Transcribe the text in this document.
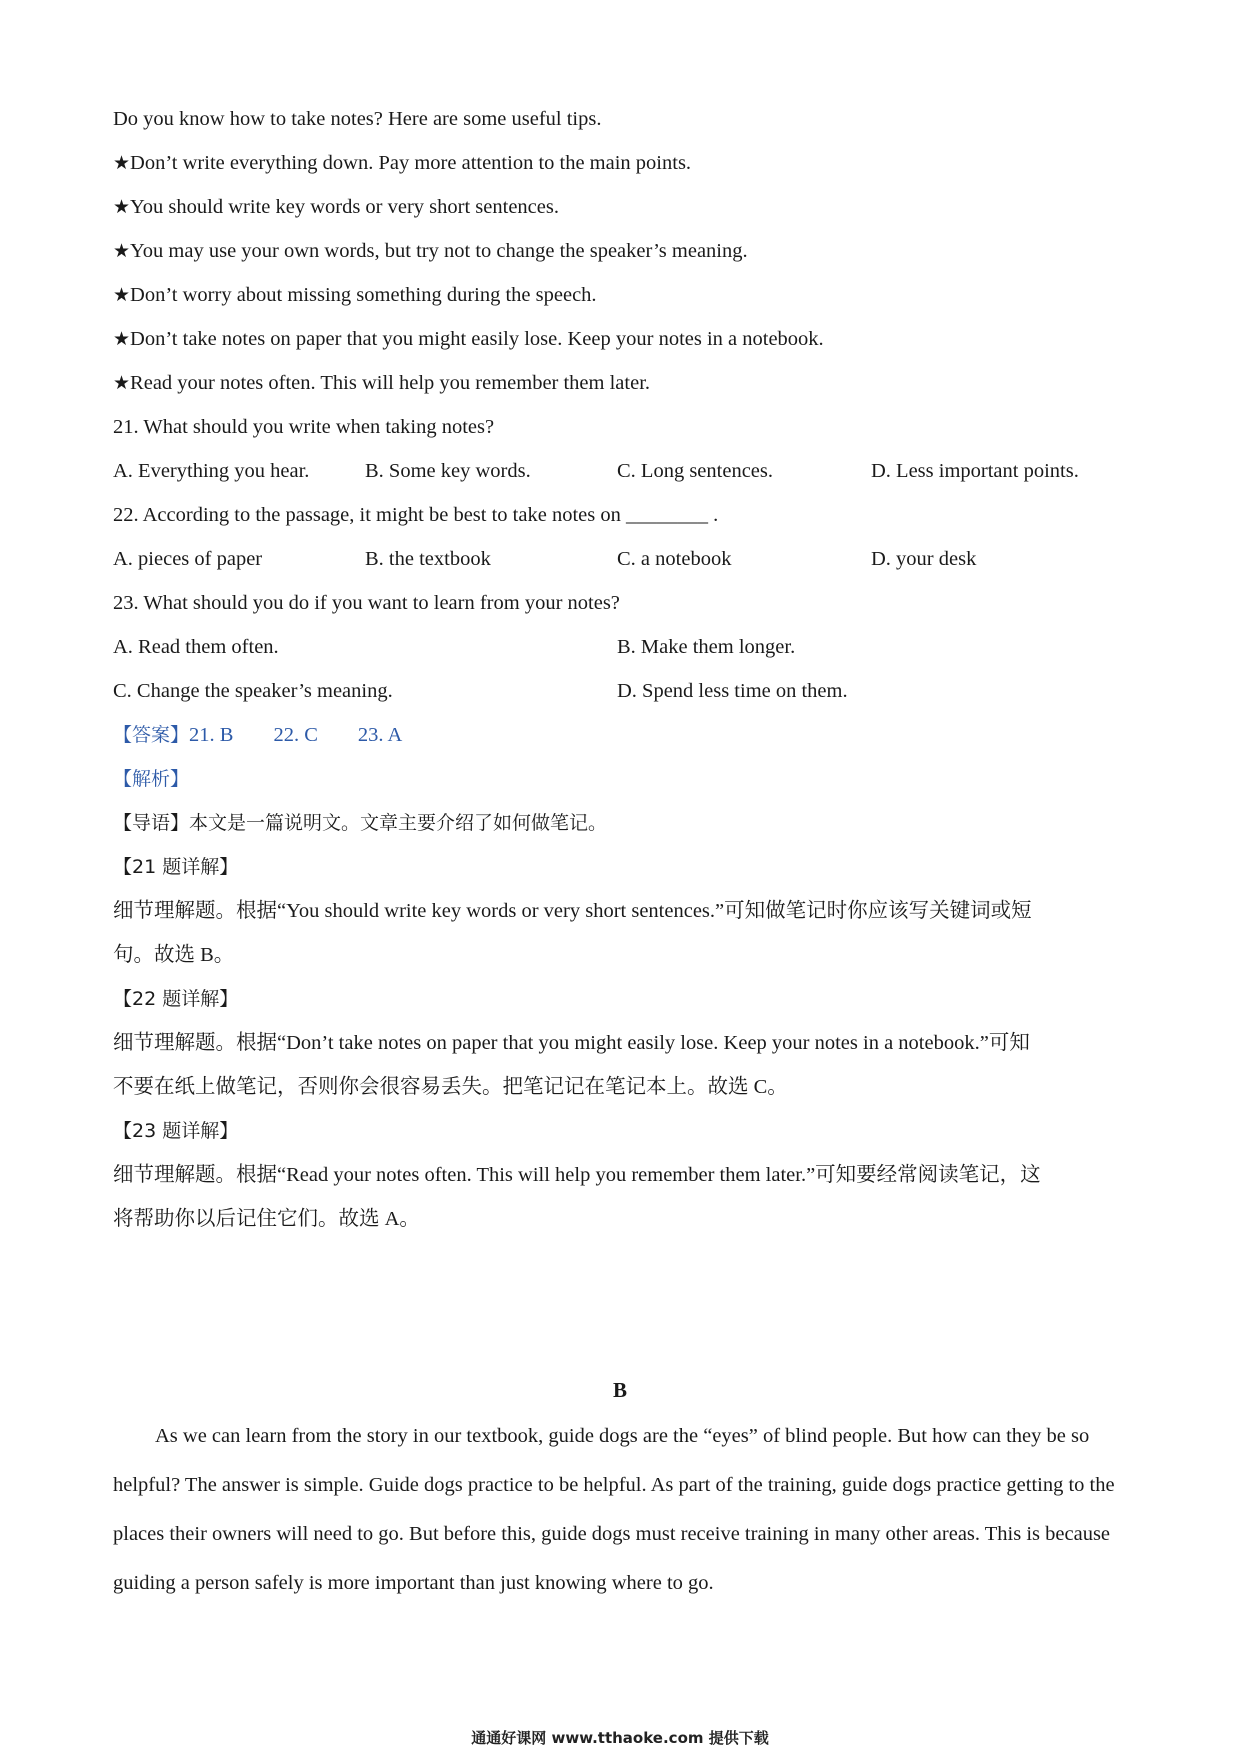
Do you know how to take notes? Here are some useful tips.
★Don’t write everything down. Pay more attention to the main points.
★You should write key words or very short sentences.
★You may use your own words, but try not to change the speaker’s meaning.
★Don’t worry about missing something during the speech.
★Don’t take notes on paper that you might easily lose. Keep your notes in a notebook.
★Read your notes often. This will help you remember them later.
21. What should you write when taking notes?
A. Everything you hear.	B. Some key words.	C. Long sentences.	D. Less important points.
22. According to the passage, it might be best to take notes on ________ .
A. pieces of paper	B. the textbook	C. a notebook	D. your desk
23. What should you do if you want to learn from your notes?
A. Read them often.	B. Make them longer.
C. Change the speaker’s meaning.	D. Spend less time on them.
【答案】21. B 22. C 23. A
【解析】
【导语】本文是一篇说明文。文章主要介绍了如何做笔记。
【21 题详解】
细节理解题。根据“You should write key words or very short sentences.”可知做笔记时你应该写关键词或短
句。故选 B。
【22 题详解】
细节理解题。根据“Don’t take notes on paper that you might easily lose. Keep your notes in a notebook.”可知
不要在纸上做笔记，否则你会很容易丢失。把笔记记在笔记本上。故选 C。
【23 题详解】
细节理解题。根据“Read your notes often. This will help you remember them later.”可知要经常阅读笔记，这
将帮助你以后记住它们。故选 A。
B
As we can learn from the story in our textbook, guide dogs are the “eyes” of blind people. But how can they be so helpful? The answer is simple. Guide dogs practice to be helpful. As part of the training, guide dogs practice getting to the places their owners will need to go. But before this, guide dogs must receive training in many other areas. This is because guiding a person safely is more important than just knowing where to go.
通通好课网 www.tthaoke.com 提供下载
